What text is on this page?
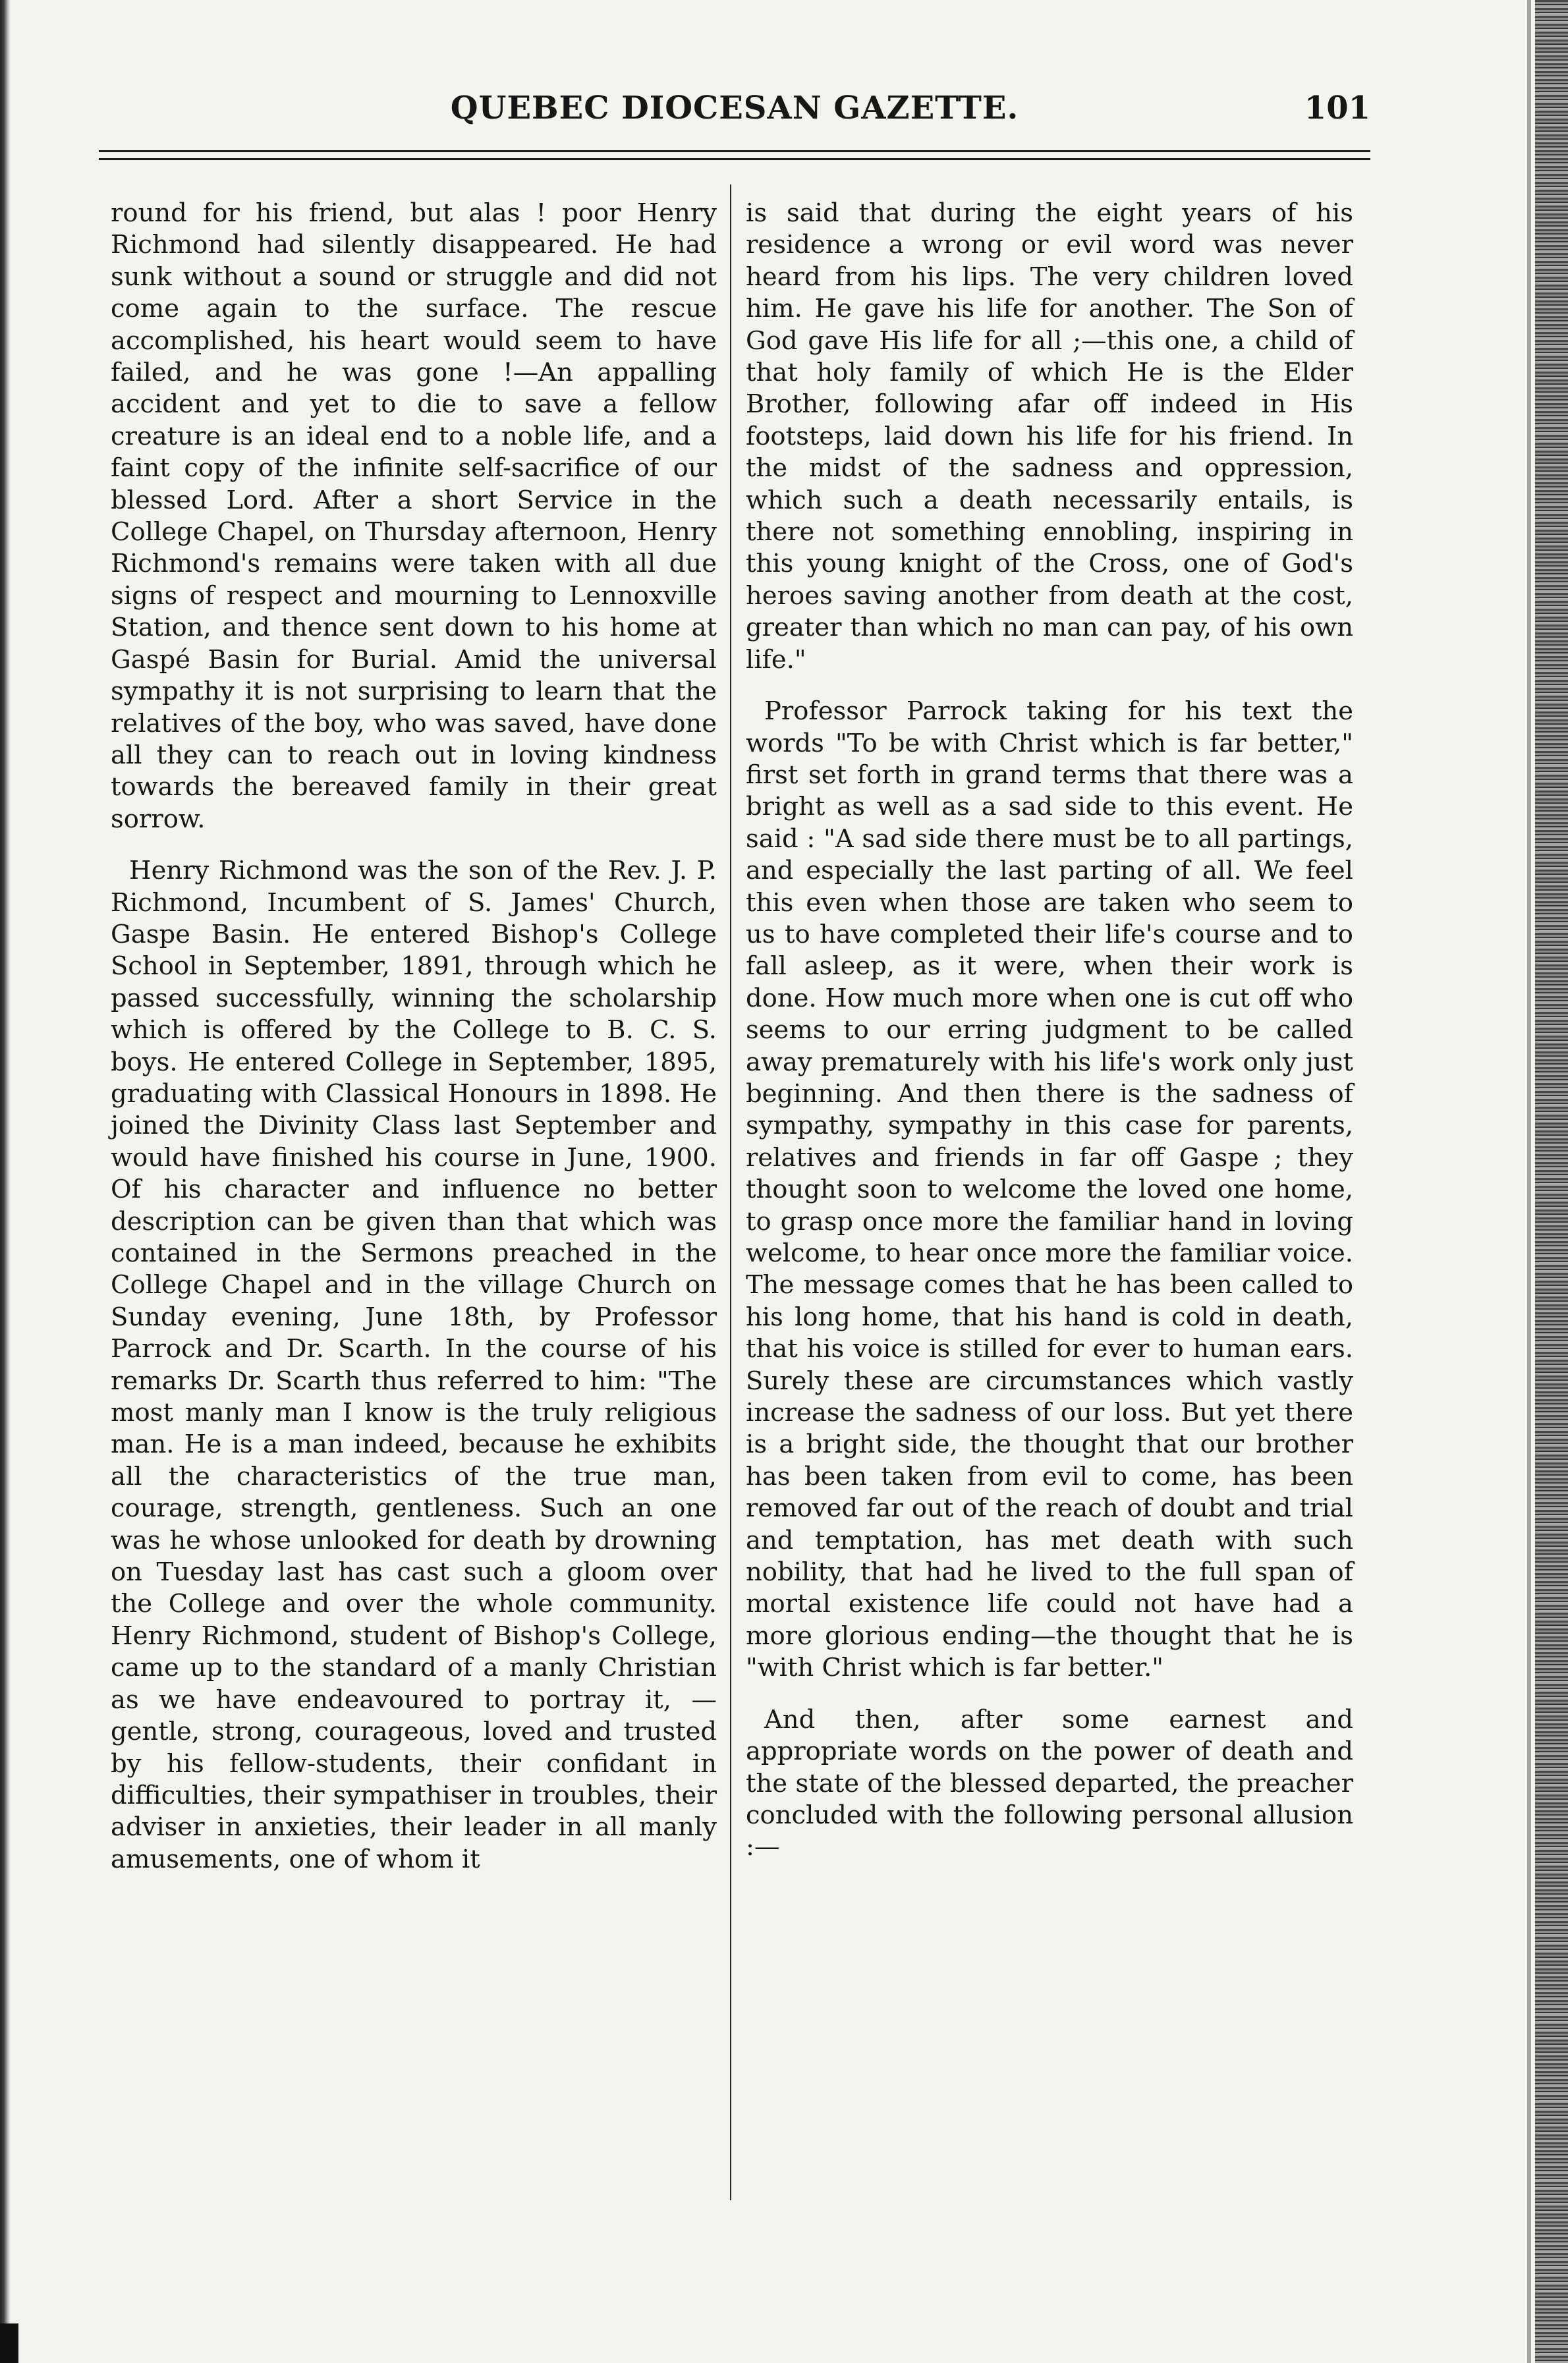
QUEBEC DIOCESAN GAZETTE.	101

round for his friend, but alas ! poor Henry Richmond had silently disappeared. He had sunk without a sound or struggle and did not come again to the surface. The rescue accomplished, his heart would seem to have failed, and he was gone !—An appalling accident and yet to die to save a fellow creature is an ideal end to a noble life, and a faint copy of the infinite self-sacrifice of our blessed Lord. After a short Service in the College Chapel, on Thursday afternoon, Henry Richmond's remains were taken with all due signs of respect and mourning to Lennoxville Station, and thence sent down to his home at Gaspé Basin for Burial. Amid the universal sympathy it is not surprising to learn that the relatives of the boy, who was saved, have done all they can to reach out in loving kindness towards the bereaved family in their great sorrow.

Henry Richmond was the son of the Rev. J. P. Richmond, Incumbent of S. James' Church, Gaspe Basin. He entered Bishop's College School in September, 1891, through which he passed successfully, winning the scholarship which is offered by the College to B. C. S. boys. He entered College in September, 1895, graduating with Classical Honours in 1898. He joined the Divinity Class last September and would have finished his course in June, 1900. Of his character and influence no better description can be given than that which was contained in the Sermons preached in the College Chapel and in the village Church on Sunday evening, June 18th, by Professor Parrock and Dr. Scarth. In the course of his remarks Dr. Scarth thus referred to him: "The most manly man I know is the truly religious man. He is a man indeed, because he exhibits all the characteristics of the true man, courage, strength, gentleness. Such an one was he whose unlooked for death by drowning on Tuesday last has cast such a gloom over the College and over the whole community. Henry Richmond, student of Bishop's College, came up to the standard of a manly Christian as we have endeavoured to portray it, —gentle, strong, courageous, loved and trusted by his fellow-students, their confidant in difficulties, their sympathiser in troubles, their adviser in anxieties, their leader in all manly amusements, one of whom it

is said that during the eight years of his residence a wrong or evil word was never heard from his lips. The very children loved him. He gave his life for another. The Son of God gave His life for all ;—this one, a child of that holy family of which He is the Elder Brother, following afar off indeed in His footsteps, laid down his life for his friend. In the midst of the sadness and oppression, which such a death necessarily entails, is there not something ennobling, inspiring in this young knight of the Cross, one of God's heroes saving another from death at the cost, greater than which no man can pay, of his own life."

Professor Parrock taking for his text the words "To be with Christ which is far better," first set forth in grand terms that there was a bright as well as a sad side to this event. He said : "A sad side there must be to all partings, and especially the last parting of all. We feel this even when those are taken who seem to us to have completed their life's course and to fall asleep, as it were, when their work is done. How much more when one is cut off who seems to our erring judgment to be called away prematurely with his life's work only just beginning. And then there is the sadness of sympathy, sympathy in this case for parents, relatives and friends in far off Gaspe ; they thought soon to welcome the loved one home, to grasp once more the familiar hand in loving welcome, to hear once more the familiar voice. The message comes that he has been called to his long home, that his hand is cold in death, that his voice is stilled for ever to human ears. Surely these are circumstances which vastly increase the sadness of our loss. But yet there is a bright side, the thought that our brother has been taken from evil to come, has been removed far out of the reach of doubt and trial and temptation, has met death with such nobility, that had he lived to the full span of mortal existence life could not have had a more glorious ending—the thought that he is "with Christ which is far better."

And then, after some earnest and appropriate words on the power of death and the state of the blessed departed, the preacher concluded with the following personal allusion :—
